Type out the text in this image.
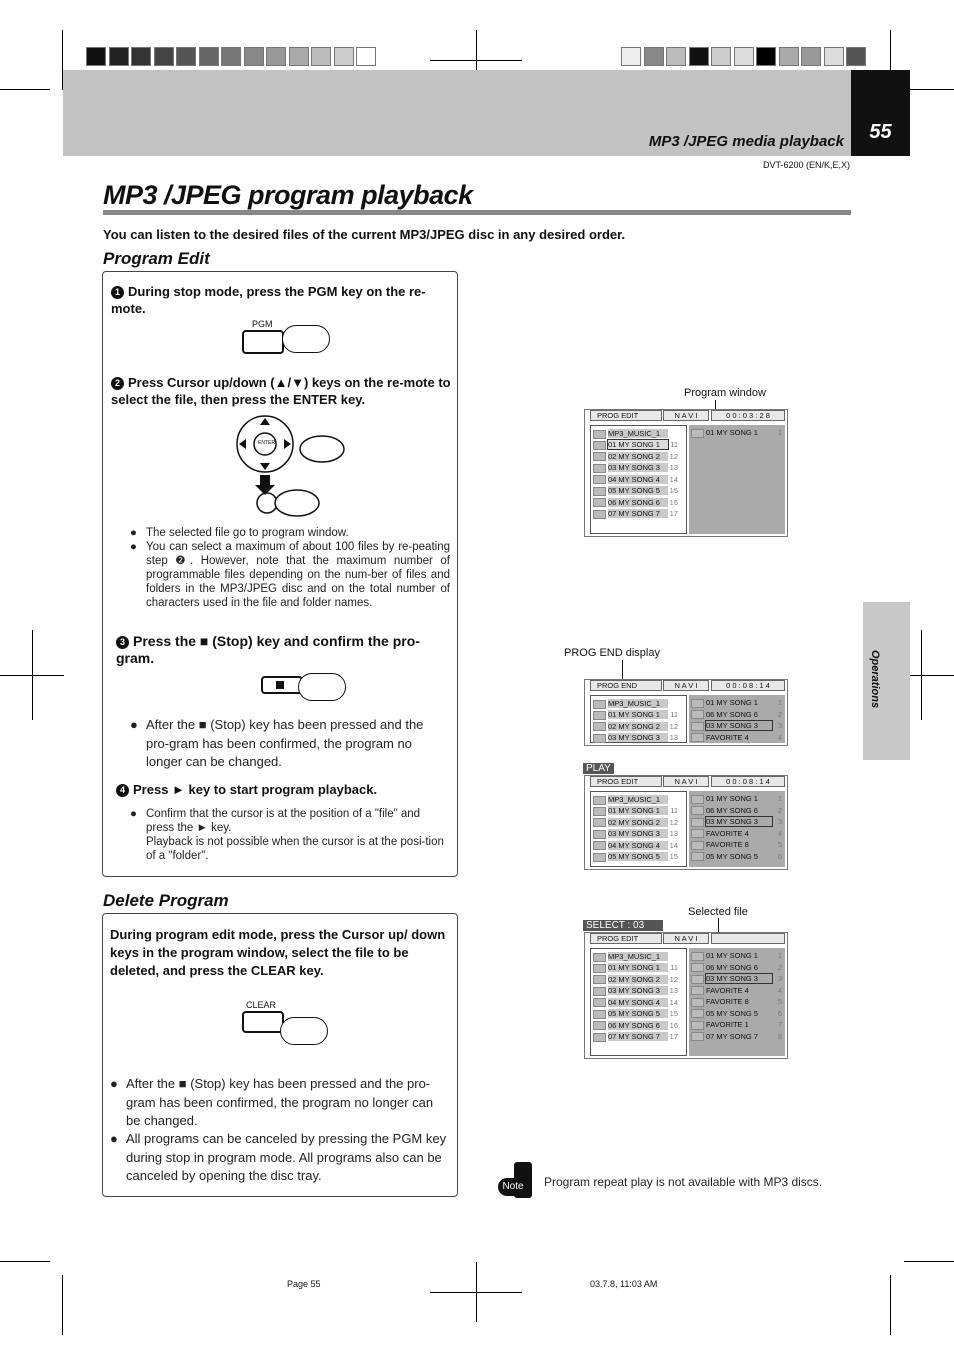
55
MP3 /JPEG media playback
DVT-6200 (EN/K,E,X)
Operations
MP3 /JPEG program playback
You can listen to the desired files of the current MP3/JPEG disc in any desired order.
Program Edit
1 During stop mode, press the PGM key on the re-mote.
PGM
2 Press Cursor up/down (▲/▼) keys on the re-mote to select the file, then press the ENTER key.
ENTER
● The selected file go to program window.
● You can select a maximum of about 100 files by re-peating step ❷. However, note that the maximum number of programmable files depending on the num-ber of files and folders in the MP3/JPEG disc and on the total number of characters used in the file and folder names.
3 Press the ■ (Stop) key and confirm the pro-gram.
● After the ■ (Stop) key has been pressed and the pro-gram has been confirmed, the program no longer can be changed.
4 Press ► key to start program playback.
● Confirm that the cursor is at the position of a "file" and press the ► key.
Playback is not possible when the cursor is at the posi-tion of a "folder".
Delete Program
During program edit mode, press the Cursor up/ down keys in the program window, select the file to be deleted, and press the CLEAR key.
CLEAR
● After the ■ (Stop) key has been pressed and the pro-gram has been confirmed, the program no longer can be changed.
● All programs can be canceled by pressing the PGM key during stop in program mode. All programs also can be canceled by opening the disc tray.
Program window
PROG EDIT	N A V I	0 0 : 0 3 : 2 8
MP3_MUSIC_1
01 MY SONG 1 11
02 MY SONG 2 12
03 MY SONG 3 13
04 MY SONG 4 14
05 MY SONG 5 15
06 MY SONG 6 16
07 MY SONG 7 17
01 MY SONG 1	1
PROG END display
PROG END	N A V I	0 0 : 0 8 : 1 4
MP3_MUSIC_1
01 MY SONG 1 11
02 MY SONG 2 12
03 MY SONG 3 13
01 MY SONG 1	1
06 MY SONG 6	2
03 MY SONG 3	3
FAVORITE 4	4
PLAY
PROG EDIT	N A V I	0 0 : 0 8 : 1 4
MP3_MUSIC_1
01 MY SONG 1 11
02 MY SONG 2 12
03 MY SONG 3 13
04 MY SONG 4 14
05 MY SONG 5 15
01 MY SONG 1	1
06 MY SONG 6	2
03 MY SONG 3	3
FAVORITE 4	4
FAVORITE 8	5
05 MY SONG 5	6
Selected file
SELECT : 03
PROG EDIT	N A V I
MP3_MUSIC_1
01 MY SONG 1 11
02 MY SONG 2 12
03 MY SONG 3 13
04 MY SONG 4 14
05 MY SONG 5 15
06 MY SONG 6 16
07 MY SONG 7 17
01 MY SONG 1	1
06 MY SONG 6	2
03 MY SONG 3	3
FAVORITE 4	4
FAVORITE 8	5
05 MY SONG 5	6
FAVORITE 1	7
07 MY SONG 7	8
Note	Program repeat play is not available with MP3 discs.
Page 55	03.7.8, 11:03 AM
